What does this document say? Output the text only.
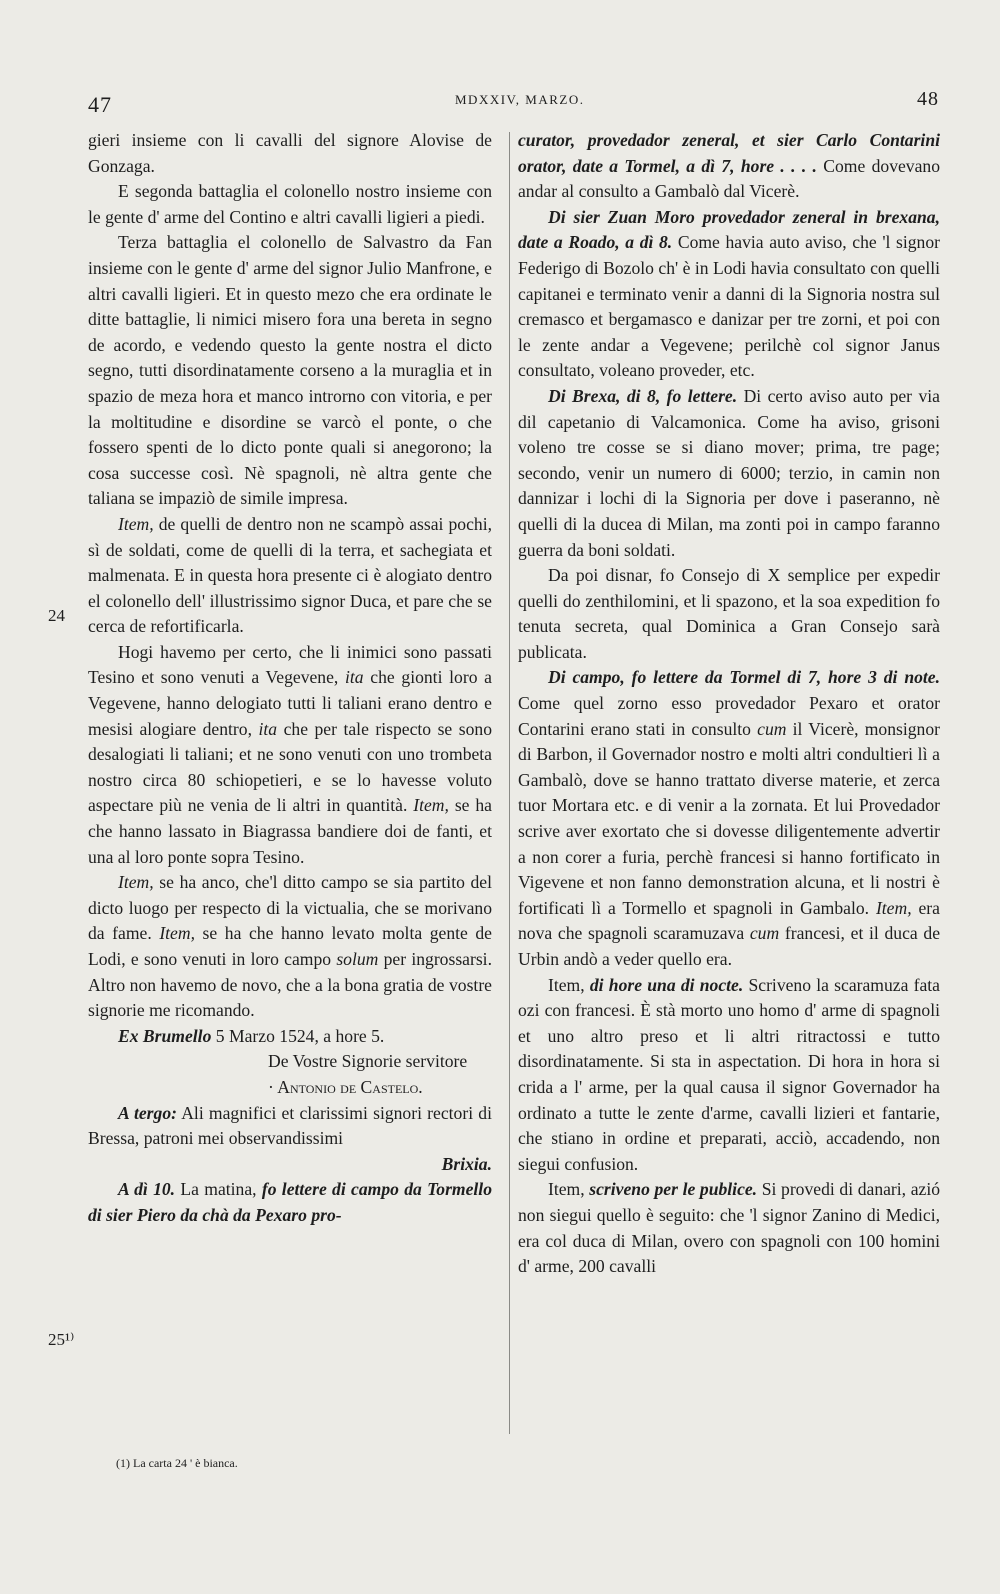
47	MDXXIV, MARZO.	48
24
25¹⁾

gieri insieme con li cavalli del signore Alovise de Gonzaga.

E segonda battaglia el colonello nostro insieme con le gente d' arme del Contino e altri cavalli ligieri a piedi.

Terza battaglia el colonello de Salvastro da Fan insieme con le gente d' arme del signor Julio Manfrone, e altri cavalli ligieri. Et in questo mezo che era ordinate le ditte battaglie, li nimici misero fora una bereta in segno de acordo, e vedendo questo la gente nostra el dicto segno, tutti disordinatamente corseno a la muraglia et in spazio de meza hora et manco introrno con vitoria, e per la moltitudine e disordine se varcò el ponte, o che fossero spenti de lo dicto ponte quali si anegorono; la cosa successe così. Nè spagnoli, nè altra gente che taliana se impaziò de simile impresa.

Item, de quelli de dentro non ne scampò assai pochi, sì de soldati, come de quelli di la terra, et sachegiata et malmenata. E in questa hora presente ci è alogiato dentro el colonello dell' illustrissimo signor Duca, et pare che se cerca de refortificarla.

Hogi havemo per certo, che li inimici sono passati Tesino et sono venuti a Vegevene, ita che gionti loro a Vegevene, hanno delogiato tutti li taliani erano dentro e mesisi alogiare dentro, ita che per tale rispecto se sono desalogiati li taliani; et ne sono venuti con uno trombeta nostro circa 80 schiopetieri, e se lo havesse voluto aspectare più ne venia de li altri in quantità. Item, se ha che hanno lassato in Biagrassa bandiere doi de fanti, et una al loro ponte sopra Tesino.

Item, se ha anco, che'l ditto campo se sia partito del dicto luogo per respecto di la victualia, che se morivano da fame. Item, se ha che hanno levato molta gente de Lodi, e sono venuti in loro campo solum per ingrossarsi. Altro non havemo de novo, che a la bona gratia de vostre signorie me ricomando.

Ex Brumello 5 Marzo 1524, a hore 5.

De Vostre Signorie servitore

· Antonio de Castelo.

A tergo: Ali magnifici et clarissimi signori rectori di Bressa, patroni mei observandissimi

Brixia.

A dì 10. La matina, fo lettere di campo da Tormello di sier Piero da chà da Pexaro pro-

(1) La carta 24 ' è bianca.

curator, provedador zeneral, et sier Carlo Contarini orator, date a Tormel, a dì 7, hore . . . . Come dovevano andar al consulto a Gambalò dal Vicerè.

Di sier Zuan Moro provedador zeneral in brexana, date a Roado, a dì 8. Come havia auto aviso, che 'l signor Federigo di Bozolo ch' è in Lodi havia consultato con quelli capitanei e terminato venir a danni di la Signoria nostra sul cremasco et bergamasco e danizar per tre zorni, et poi con le zente andar a Vegevene; perilchè col signor Janus consultato, voleano proveder, etc.

Di Brexa, di 8, fo lettere. Di certo aviso auto per via dil capetanio di Valcamonica. Come ha aviso, grisoni voleno tre cosse se si diano mover; prima, tre page; secondo, venir un numero di 6000; terzio, in camin non dannizar i lochi di la Signoria per dove i paseranno, nè quelli di la ducea di Milan, ma zonti poi in campo faranno guerra da boni soldati.

Da poi disnar, fo Consejo di X semplice per expedir quelli do zenthilomini, et li spazono, et la soa expedition fo tenuta secreta, qual Dominica a Gran Consejo sarà publicata.

Di campo, fo lettere da Tormel di 7, hore 3 di note. Come quel zorno esso provedador Pexaro et orator Contarini erano stati in consulto cum il Vicerè, monsignor di Barbon, il Governador nostro e molti altri condultieri lì a Gambalò, dove se hanno trattato diverse materie, et zerca tuor Mortara etc. e di venir a la zornata. Et lui Provedador scrive aver exortato che si dovesse diligentemente advertir a non corer a furia, perchè francesi si hanno fortificato in Vigevene et non fanno demonstration alcuna, et li nostri è fortificati lì a Tormello et spagnoli in Gambalo. Item, era nova che spagnoli scaramuzava cum francesi, et il duca de Urbin andò a veder quello era.

Item, di hore una di nocte. Scriveno la scaramuza fata ozi con francesi. È stà morto uno homo d' arme di spagnoli et uno altro preso et li altri ritractossi e tutto disordinatamente. Si sta in aspectation. Di hora in hora si crida a l' arme, per la qual causa il signor Governador ha ordinato a tutte le zente d'arme, cavalli lizieri et fantarie, che stiano in ordine et preparati, acciò, accadendo, non siegui confusion.

Item, scriveno per le publice. Si provedi di danari, azió non siegui quello è seguito: che 'l signor Zanino di Medici, era col duca di Milan, overo con spagnoli con 100 homini d' arme, 200 cavalli
